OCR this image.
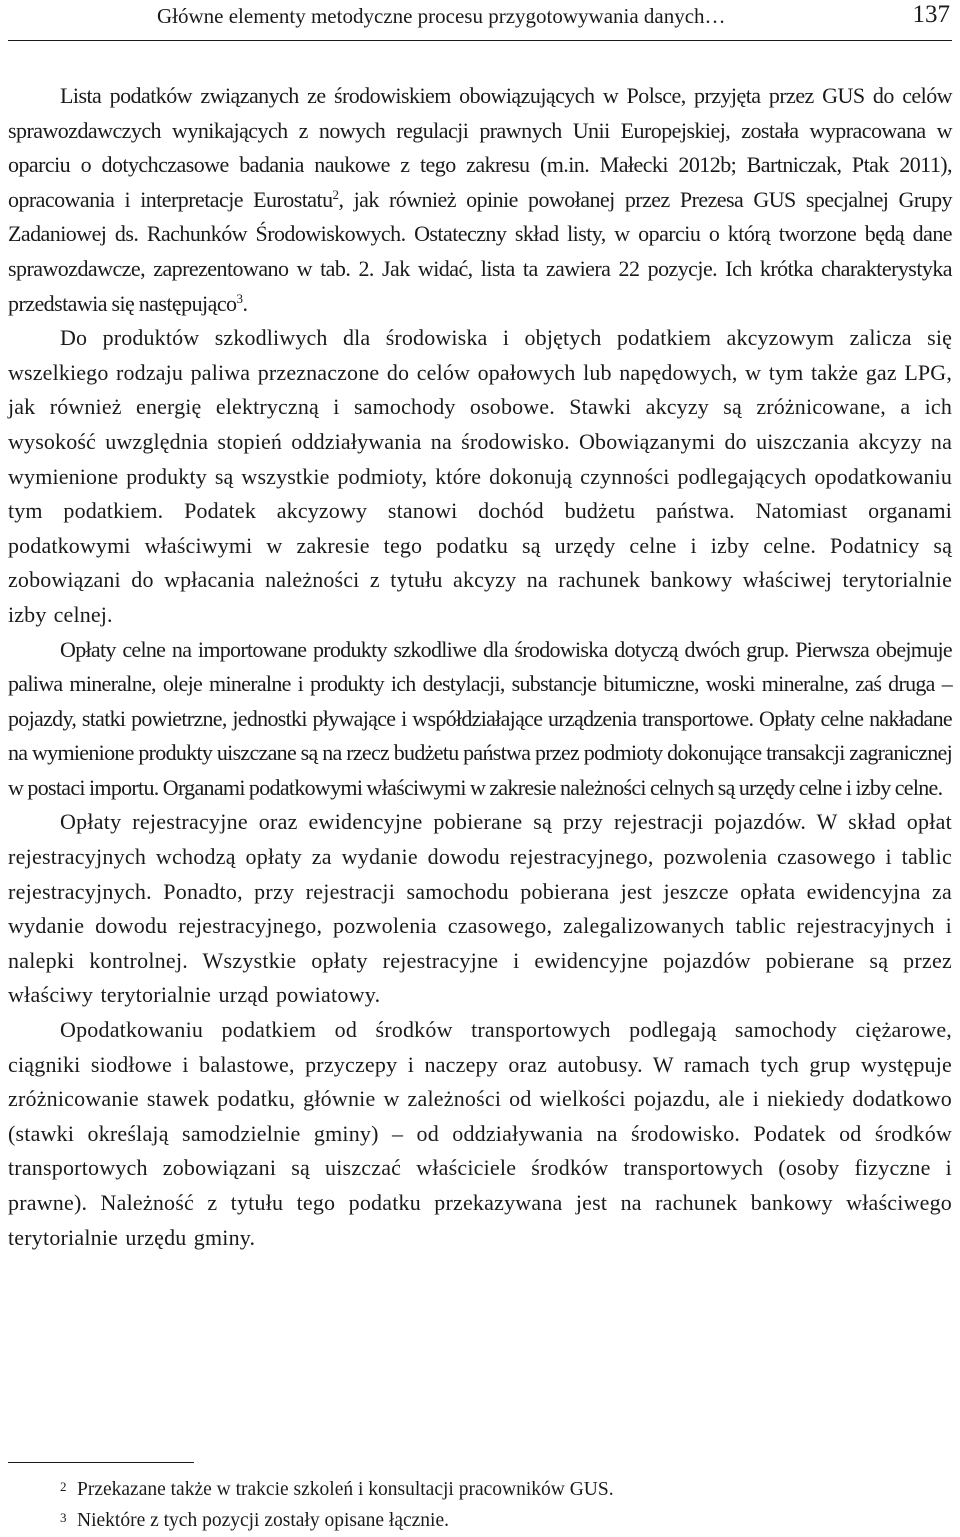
Główne elementy metodyczne procesu przygotowywania danych…	137

Lista podatków związanych ze środowiskiem obowiązujących w Polsce, przyjęta przez GUS do celów sprawozdawczych wynikających z nowych regulacji prawnych Unii Europejskiej, została wypracowana w oparciu o dotychczasowe badania naukowe z tego zakresu (m.in. Małecki 2012b; Bartniczak, Ptak 2011), opracowania i interpretacje Eurostatu$^2$, jak również opinie powołanej przez Prezesa GUS specjalnej Grupy Zadaniowej ds. Rachunków Środowiskowych. Ostateczny skład listy, w oparciu o którą tworzone będą dane sprawozdawcze, zaprezentowano w tab. 2. Jak widać, lista ta zawiera 22 pozycje. Ich krótka charakterystyka przedstawia się następująco$^3$.

Do produktów szkodliwych dla środowiska i objętych podatkiem akcyzowym zalicza się wszelkiego rodzaju paliwa przeznaczone do celów opałowych lub napędowych, w tym także gaz LPG, jak również energię elektryczną i samochody osobowe. Stawki akcyzy są zróżnicowane, a ich wysokość uwzględnia stopień oddziaływania na środowisko. Obowiązanymi do uiszczania akcyzy na wymienione produkty są wszystkie podmioty, które dokonują czynności podlegających opodatkowaniu tym podatkiem. Podatek akcyzowy stanowi dochód budżetu państwa. Natomiast organami podatkowymi właściwymi w zakresie tego podatku są urzędy celne i izby celne. Podatnicy są zobowiązani do wpłacania należności z tytułu akcyzy na rachunek bankowy właściwej terytorialnie izby celnej.

Opłaty celne na importowane produkty szkodliwe dla środowiska dotyczą dwóch grup. Pierwsza obejmuje paliwa mineralne, oleje mineralne i produkty ich destylacji, substancje bitumiczne, woski mineralne, zaś druga – pojazdy, statki powietrzne, jednostki pływające i współdziałające urządzenia transportowe. Opłaty celne nakładane na wymienione produkty uiszczane są na rzecz budżetu państwa przez podmioty dokonujące transakcji zagranicznej w postaci importu. Organami podatkowymi właściwymi w zakresie należności celnych są urzędy celne i izby celne.

Opłaty rejestracyjne oraz ewidencyjne pobierane są przy rejestracji pojazdów. W skład opłat rejestracyjnych wchodzą opłaty za wydanie dowodu rejestracyjnego, pozwolenia czasowego i tablic rejestracyjnych. Ponadto, przy rejestracji samochodu pobierana jest jeszcze opłata ewidencyjna za wydanie dowodu rejestracyjnego, pozwolenia czasowego, zalegalizowanych tablic rejestracyjnych i nalepki kontrolnej. Wszystkie opłaty rejestracyjne i ewidencyjne pojazdów pobierane są przez właściwy terytorialnie urząd powiatowy.

Opodatkowaniu podatkiem od środków transportowych podlegają samochody ciężarowe, ciągniki siodłowe i balastowe, przyczepy i naczepy oraz autobusy. W ramach tych grup występuje zróżnicowanie stawek podatku, głównie w zależności od wielkości pojazdu, ale i niekiedy dodatkowo (stawki określają samodzielnie gminy) – od oddziaływania na środowisko. Podatek od środków transportowych zobowiązani są uiszczać właściciele środków transportowych (osoby fizyczne i prawne). Należność z tytułu tego podatku przekazywana jest na rachunek bankowy właściwego terytorialnie urzędu gminy.

2 Przekazane także w trakcie szkoleń i konsultacji pracowników GUS.
3 Niektóre z tych pozycji zostały opisane łącznie.
